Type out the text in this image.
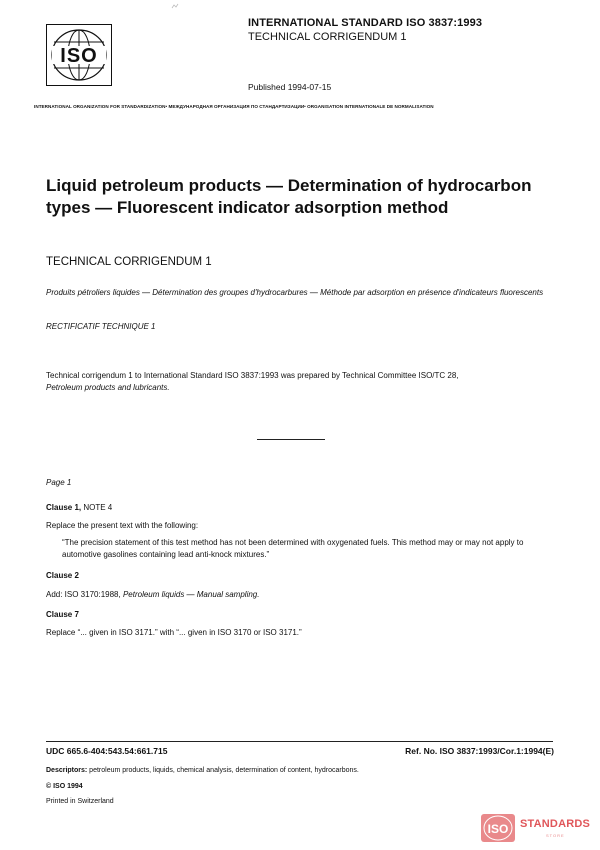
ISO
INTERNATIONAL STANDARD ISO 3837:1993
TECHNICAL CORRIGENDUM 1
Published 1994-07-15
INTERNATIONAL ORGANIZATION FOR STANDARDIZATION• МЕЖДУНАРОДНАЯ ОРГАНИЗАЦИЯ ПО СТАНДАРТИЗАЦИИ• ORGANISATION INTERNATIONALE DE NORMALISATION
Liquid petroleum products — Determination of hydrocarbon types — Fluorescent indicator adsorption method
TECHNICAL CORRIGENDUM 1
Produits pétroliers liquides — Détermination des groupes d'hydrocarbures — Méthode par adsorption en présence d'indicateurs fluorescents
RECTIFICATIF TECHNIQUE 1
Technical corrigendum 1 to International Standard ISO 3837:1993 was prepared by Technical Committee ISO/TC 28,
Petroleum products and lubricants.
Page 1
Clause 1, NOTE 4
Replace the present text with the following:
“The precision statement of this test method has not been determined with oxygenated fuels. This method may or may not apply to automotive gasolines containing lead anti-knock mixtures.”
Clause 2
Add: ISO 3170:1988, Petroleum liquids — Manual sampling.
Clause 7
Replace “... given in ISO 3171.” with “... given in ISO 3170 or ISO 3171.”
UDC 665.6-404:543.54:661.715	Ref. No. ISO 3837:1993/Cor.1:1994(E)
Descriptors: petroleum products, liquids, chemical analysis, determination of content, hydrocarbons.
© ISO 1994
Printed in Switzerland
ISO STANDARDS
STORE
